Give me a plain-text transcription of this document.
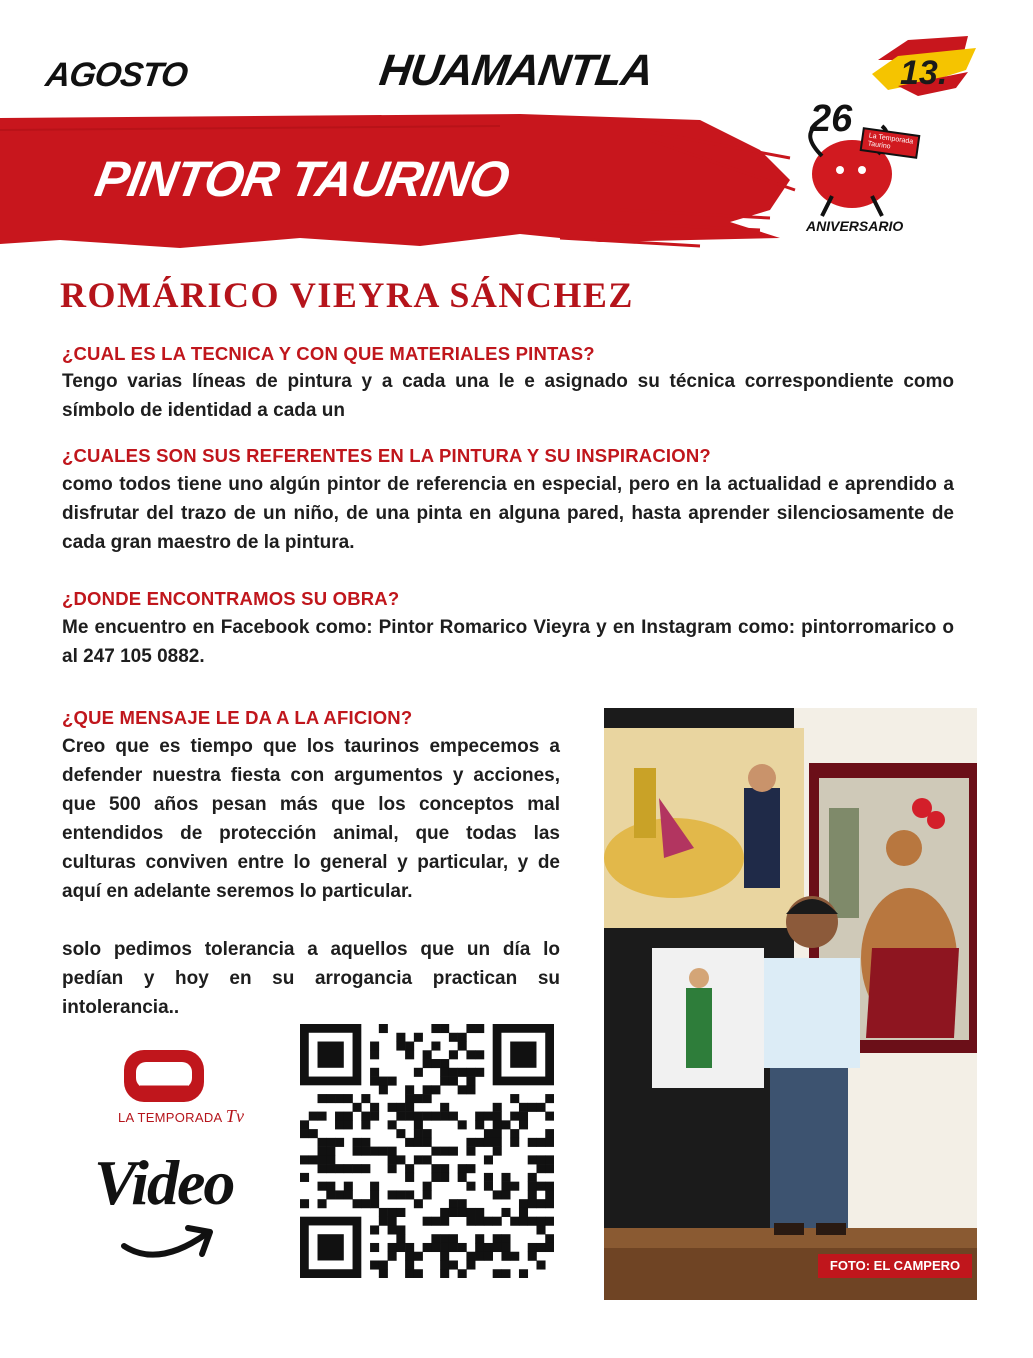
AGOSTO	HUAMANTLA
PINTOR TAURINO
13.
26 La Temporada Taurino
ANIVERSARIO
ROMÁRICO VIEYRA SÁNCHEZ
¿CUAL ES LA TECNICA Y CON QUE MATERIALES PINTAS?
Tengo varias líneas de pintura y a cada una le e asignado su técnica correspondiente como símbolo de identidad a cada un
¿CUALES SON SUS REFERENTES EN LA PINTURA Y SU INSPIRACION?
como todos tiene uno algún pintor de referencia en especial, pero en la actualidad e aprendido a disfrutar del trazo de un niño, de una pinta en alguna pared, hasta aprender silenciosamente de cada gran maestro de la pintura.
¿DONDE ENCONTRAMOS SU OBRA?
Me encuentro en Facebook como: Pintor Romarico Vieyra y en Instagram como: pintorromarico o al 247 105 0882.
¿QUE MENSAJE LE DA A LA AFICION?
Creo que es tiempo que los taurinos empecemos a defender nuestra fiesta con argumentos y acciones, que 500 años pesan más que los conceptos mal entendidos de protección animal, que todas las culturas conviven entre lo general y particular, y de aquí en adelante seremos lo particular.
solo pedimos tolerancia a aquellos que un día lo pedían y hoy en su arrogancia practican su intolerancia..
FOTO: EL CAMPERO
LA TEMPORADA Tv
Video
